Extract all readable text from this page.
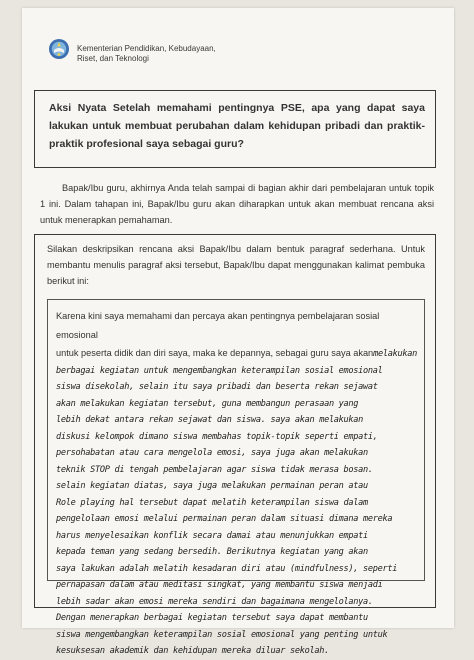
Kementerian Pendidikan, Kebudayaan,
Riset, dan Teknologi
Aksi Nyata Setelah memahami pentingnya PSE, apa yang dapat saya lakukan untuk membuat perubahan dalam kehidupan pribadi dan praktik-praktik profesional saya sebagai guru?
Bapak/Ibu guru, akhirnya Anda telah sampai di bagian akhir dari pembelajaran untuk topik 1 ini. Dalam tahapan ini, Bapak/Ibu guru akan diharapkan untuk akan membuat rencana aksi untuk menerapkan pemahaman.
Silakan deskripsikan rencana aksi Bapak/Ibu dalam bentuk paragraf sederhana. Untuk membantu menulis paragraf aksi tersebut, Bapak/Ibu dapat menggunakan kalimat pembuka berikut ini:
Karena kini saya memahami dan percaya akan pentingnya pembelajaran sosial emosional
untuk peserta didik dan diri saya, maka ke depannya, sebagai guru saya akanmelakukan
berbagai kegiatan untuk mengembangkan keterampilan sosial emosional
siswa disekolah, selain itu saya pribadi dan beserta rekan sejawat
akan melakukan kegiatan tersebut, guna membangun perasaan yang
lebih dekat antara rekan sejawat dan siswa. saya akan melakukan
diskusi kelompok dimano siswa membahas topik-topik seperti empati,
persohabatan atau cara mengelola emosi, saya juga akan melakukan
teknik STOP di tengah pembelajaran agar siswa tidak merasa bosan.
selain kegiatan diatas, saya juga melakukan permainan peran atau
Role playing hal tersebut dapat melatih keterampilan siswa dalam
pengelolaan emosi melalui permainan peran dalam situasi dimana mereka
harus menyelesaikan konflik secara damai atau menunjukkan empati
kepada teman yang sedang bersedih. Berikutnya kegiatan yang akan
saya lakukan adalah melatih kesadaran diri atau (mindfulness), seperti
pernapasan dalam atau meditasi singkat, yang membantu siswa menjadi
lebih sadar akan emosi mereka sendiri dan bagaimana mengelolanya.
Dengan menerapkan berbagai kegiatan tersebut saya dapat membantu
siswa mengembangkan keterampilan sosial emosional yang penting untuk
kesuksesan akademik dan kehidupan mereka diluar sekolah.
